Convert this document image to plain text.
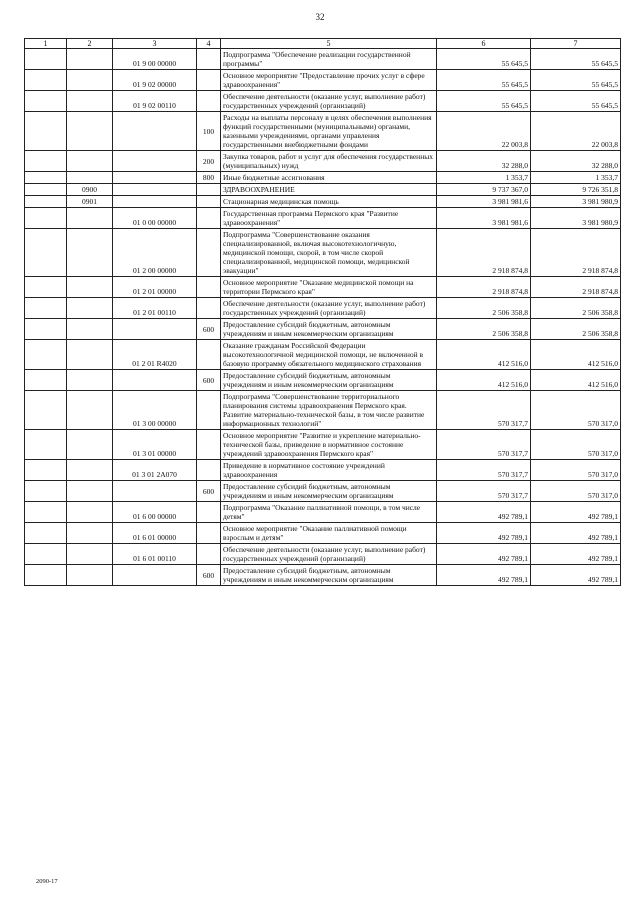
32
1	2	3	4	5	6	7
		01 9 00 00000		Подпрограмма "Обеспечение реализации государственной программы"	55 645,5	55 645,5
		01 9 02 00000		Основное мероприятие "Предоставление прочих услуг в сфере здравоохранения"	55 645,5	55 645,5
		01 9 02 00110		Обеспечение деятельности (оказание услуг, выполнение работ) государственных учреждений (организаций)	55 645,5	55 645,5
			100	Расходы на выплаты персоналу в целях обеспечения выполнения функций государственными (муниципальными) органами, казенными учреждениями, органами управления государственными внебюджетными фондами	22 003,8	22 003,8
			200	Закупка товаров, работ и услуг для обеспечения государственных (муниципальных) нужд	32 288,0	32 288,0
			800	Иные бюджетные ассигнования	1 353,7	1 353,7
	0900			ЗДРАВООХРАНЕНИЕ	9 737 367,0	9 726 351,8
	0901			Стационарная медицинская помощь	3 981 981,6	3 981 980,9
		01 0 00 00000		Государственная программа Пермского края "Развитие здравоохранения"	3 981 981,6	3 981 980,9
		01 2 00 00000		Подпрограмма "Совершенствование оказания специализированной, включая высокотехнологичную, медицинской помощи, скорой, в том числе скорой специализированной, медицинской помощи, медицинской эвакуации"	2 918 874,8	2 918 874,8
		01 2 01 00000		Основное мероприятие "Оказание медицинской помощи на территории Пермского края"	2 918 874,8	2 918 874,8
		01 2 01 00110		Обеспечение деятельности (оказание услуг, выполнение работ) государственных учреждений (организаций)	2 506 358,8	2 506 358,8
			600	Предоставление субсидий бюджетным, автономным учреждениям и иным некоммерческим организациям	2 506 358,8	2 506 358,8
		01 2 01 R4020		Оказание гражданам Российской Федерации высокотехнологичной медицинской помощи, не включенной в базовую программу обязательного медицинского страхования	412 516,0	412 516,0
			600	Предоставление субсидий бюджетным, автономным учреждениям и иным некоммерческим организациям	412 516,0	412 516,0
		01 3 00 00000		Подпрограмма "Совершенствование территориального планирования системы здравоохранения Пермского края. Развитие материально-технической базы, в том числе развитие информационных технологий"	570 317,7	570 317,0
		01 3 01 00000		Основное мероприятие "Развитие и укрепление материально-технической базы, приведение в нормативное состояние учреждений здравоохранения Пермского края"	570 317,7	570 317,0
		01 3 01 2А070		Приведение в нормативное состояние учреждений здравоохранения	570 317,7	570 317,0
			600	Предоставление субсидий бюджетным, автономным учреждениям и иным некоммерческим организациям	570 317,7	570 317,0
		01 6 00 00000		Подпрограмма "Оказание паллиативной помощи, в том числе детям"	492 789,1	492 789,1
		01 6 01 00000		Основное мероприятие "Оказание паллиативной помощи взрослым и детям"	492 789,1	492 789,1
		01 6 01 00110		Обеспечение деятельности (оказание услуг, выполнение работ) государственных учреждений (организаций)	492 789,1	492 789,1
			600	Предоставление субсидий бюджетным, автономным учреждениям и иным некоммерческим организациям	492 789,1	492 789,1
2090-17
